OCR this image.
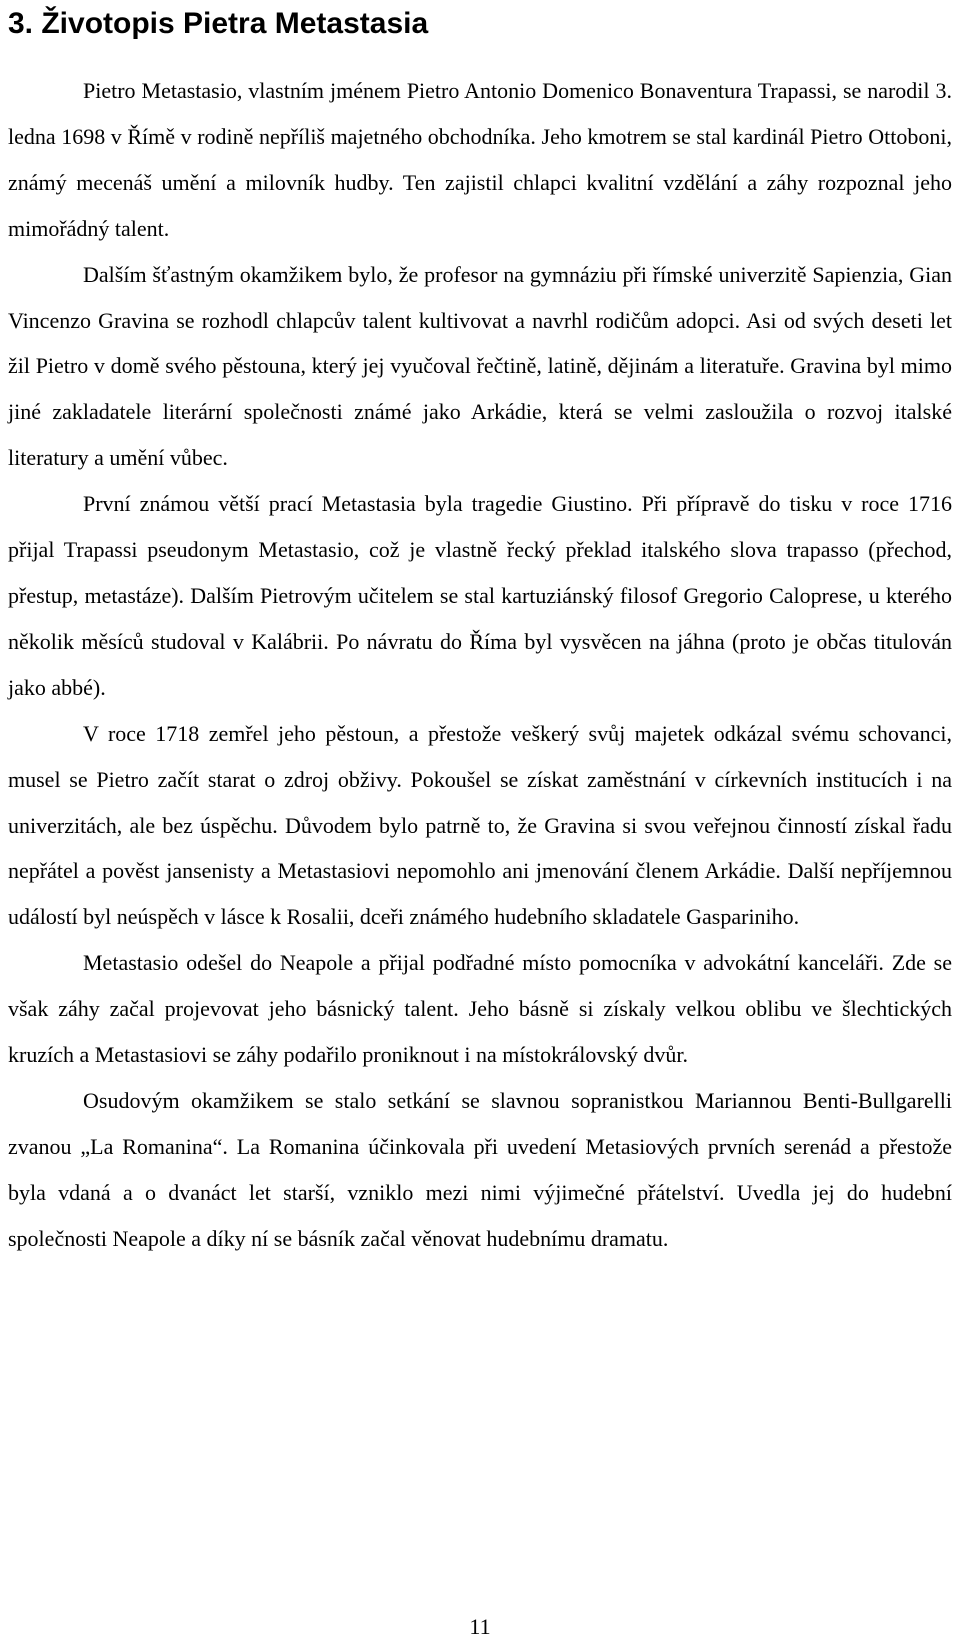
3. Životopis Pietra Metastasia

Pietro Metastasio, vlastním jménem Pietro Antonio Domenico Bonaventura Trapassi, se narodil 3. ledna 1698 v Římě v rodině nepříliš majetného obchodníka. Jeho kmotrem se stal kardinál Pietro Ottoboni, známý mecenáš umění a milovník hudby. Ten zajistil chlapci kvalitní vzdělání a záhy rozpoznal jeho mimořádný talent.

Dalším šťastným okamžikem bylo, že profesor na gymnáziu při římské univerzitě Sapienzia, Gian Vincenzo Gravina se rozhodl chlapcův talent kultivovat a navrhl rodičům adopci. Asi od svých deseti let žil Pietro v domě svého pěstouna, který jej vyučoval řečtině, latině, dějinám a literatuře. Gravina byl mimo jiné zakladatele literární společnosti známé jako Arkádie, která se velmi zasloužila o rozvoj italské literatury a umění vůbec.

První známou větší prací Metastasia byla tragedie Giustino. Při přípravě do tisku v roce 1716 přijal Trapassi pseudonym Metastasio, což je vlastně řecký překlad italského slova trapasso (přechod, přestup, metastáze). Dalším Pietrovým učitelem se stal kartuziánský filosof Gregorio Caloprese, u kterého několik měsíců studoval v Kalábrii. Po návratu do Říma byl vysvěcen na jáhna (proto je občas titulován jako abbé).

V roce 1718 zemřel jeho pěstoun, a přestože veškerý svůj majetek odkázal svému schovanci, musel se Pietro začít starat o zdroj obživy. Pokoušel se získat zaměstnání v církevních institucích i na univerzitách, ale bez úspěchu. Důvodem bylo patrně to, že Gravina si svou veřejnou činností získal řadu nepřátel a pověst jansenisty a Metastasiovi nepomohlo ani jmenování členem Arkádie. Další nepříjemnou událostí byl neúspěch v lásce k Rosalii, dceři známého hudebního skladatele Gaspariniho.

Metastasio odešel do Neapole a přijal podřadné místo pomocníka v advokátní kanceláři. Zde se však záhy začal projevovat jeho básnický talent. Jeho básně si získaly velkou oblibu ve šlechtických kruzích a Metastasiovi se záhy podařilo proniknout i na místokrálovský dvůr.

Osudovým okamžikem se stalo setkání se slavnou sopranistkou Mariannou Benti-Bullgarelli zvanou „La Romanina“. La Romanina účinkovala při uvedení Metasiových prvních serenád a přestože byla vdaná a o dvanáct let starší, vzniklo mezi nimi výjimečné přátelství. Uvedla jej do hudební společnosti Neapole a díky ní se básník začal věnovat hudebnímu dramatu.

11
